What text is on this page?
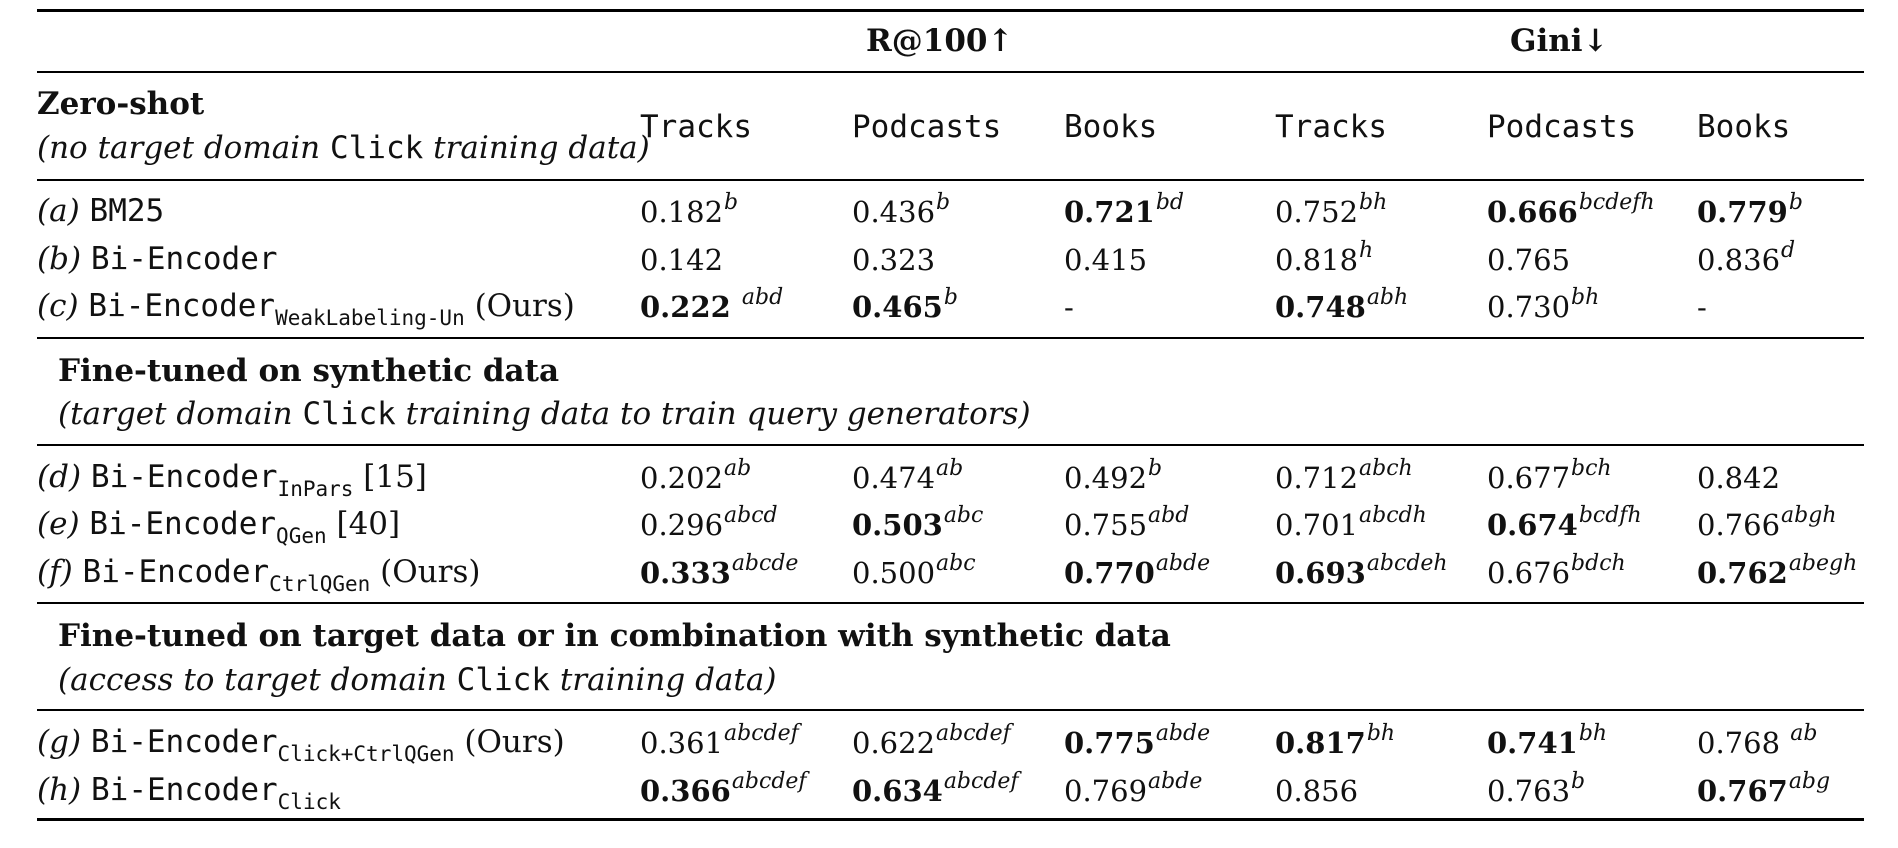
R@100↑	Gini↓
Zero-shot
(no target domain Click training data)
Tracks	Podcasts Books	Tracks	Podcasts Books
Fine-tuned on synthetic data
(target domain Click training data to train query generators)
Fine-tuned on target data or in combination with synthetic data
(access to target domain Click training data)
(a) BM25	0.182$^b$	0.436$^b$	0.721$^{bd}$	0.752$^{bh}$	$0.666^{bcdefh}$ 0.779$^b$
(b) Bi-Encoder	0.142	0.323	0.415	0.818$^h$	0.765	0.836$^d$
(c) Bi-Encoder$_{WeakLabeling-Un}$ (Ours) 0.222 $^{abd}$ 0.465$^b$	-	0.748$^{abh}$	0.730$^{bh}$	-
(d) Bi-Encoder$_{InPars}$ [15]	0.202$^{ab}$	0.474$^{ab}$	0.492$^b$	$0.712^{abch}$	0.677$^{bch}$	0.842
(e) Bi-Encoder$_{QGen}$ [40]	$0.296^{abcd}$	0.503$^{abc}$	0.755$^{abd}$	$0.701^{abcdh}$ $0.674^{bcdfh}$ $0.766^{abgh}$
(f) Bi-Encoder$_{CtrlQGen}$ (Ours)	$0.333^{abcde}$ 0.500$^{abc}$	$0.770^{abde}$ $0.693^{abcdeh}$ $0.676^{bdch}$ $0.762^{abegh}$
(g) Bi-Encoder$_{Click+CtrlQGen}$ (Ours)	$0.361^{abcdef}$ $0.622^{abcdef}$ $0.775^{abde}$ 0.817$^{bh}$	0.741$^{bh}$	0.768 $^{ab}$
(h) Bi-Encoder$_{Click}$	$0.366^{abcdef}$ $0.634^{abcdef}$ $0.769^{abde}$	0.856	0.763$^b$	0.767$^{abg}$
